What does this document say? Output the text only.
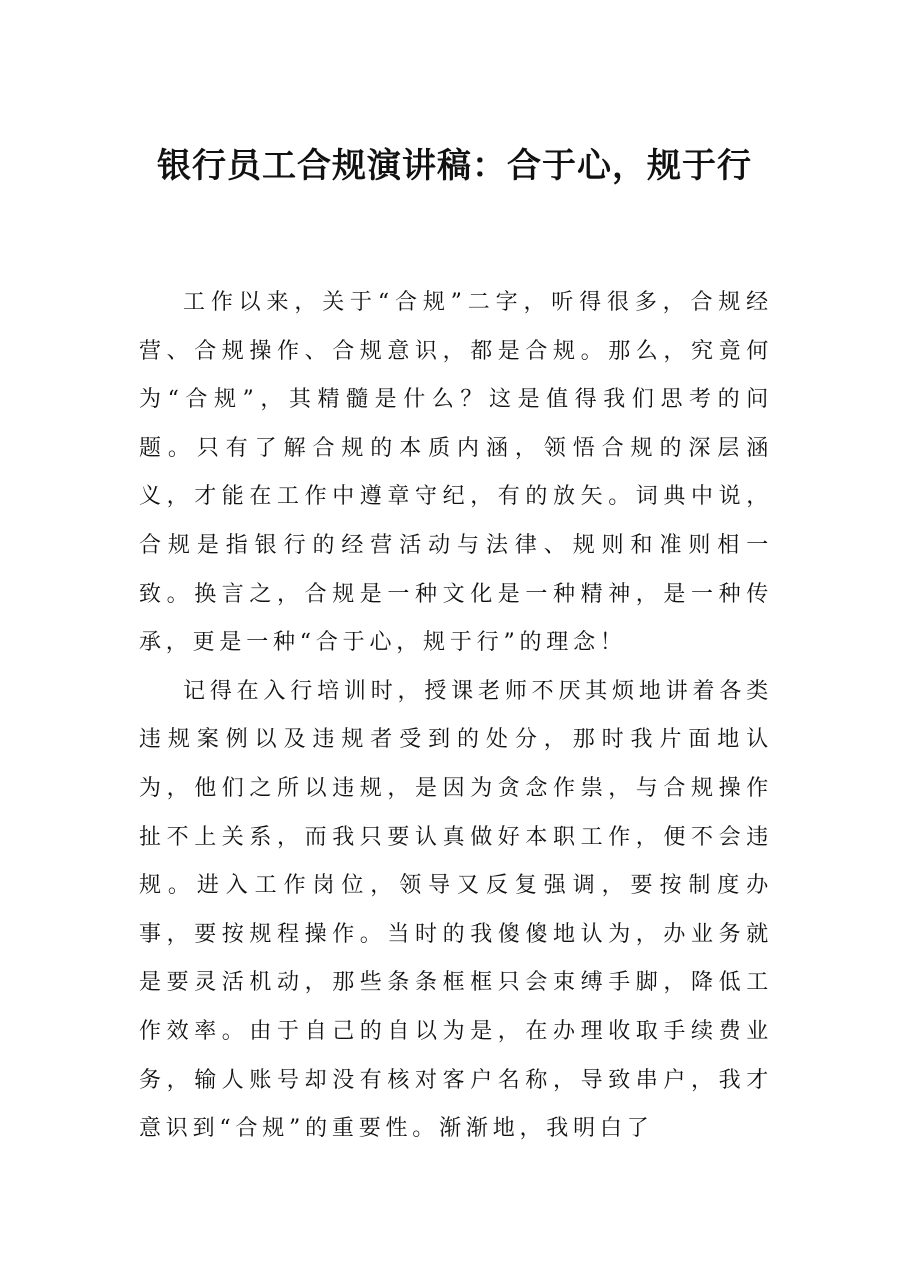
银行员工合规演讲稿：合于心，规于行

工作以来，关于“合规”二字，听得很多，合规经营、合规操作、合规意识，都是合规。那么，究竟何为“合规”，其精髓是什么？这是值得我们思考的问题。只有了解合规的本质内涵，领悟合规的深层涵义，才能在工作中遵章守纪，有的放矢。词典中说，合规是指银行的经营活动与法律、规则和准则相一致。换言之，合规是一种文化是一种精神，是一种传承，更是一种“合于心，规于行”的理念！

记得在入行培训时，授课老师不厌其烦地讲着各类违规案例以及违规者受到的处分，那时我片面地认为，他们之所以违规，是因为贪念作祟，与合规操作扯不上关系，而我只要认真做好本职工作，便不会违规。进入工作岗位，领导又反复强调，要按制度办事，要按规程操作。当时的我傻傻地认为，办业务就是要灵活机动，那些条条框框只会束缚手脚，降低工作效率。由于自己的自以为是，在办理收取手续费业务，输人账号却没有核对客户名称，导致串户，我才意识到“合规”的重要性。渐渐地，我明白了
